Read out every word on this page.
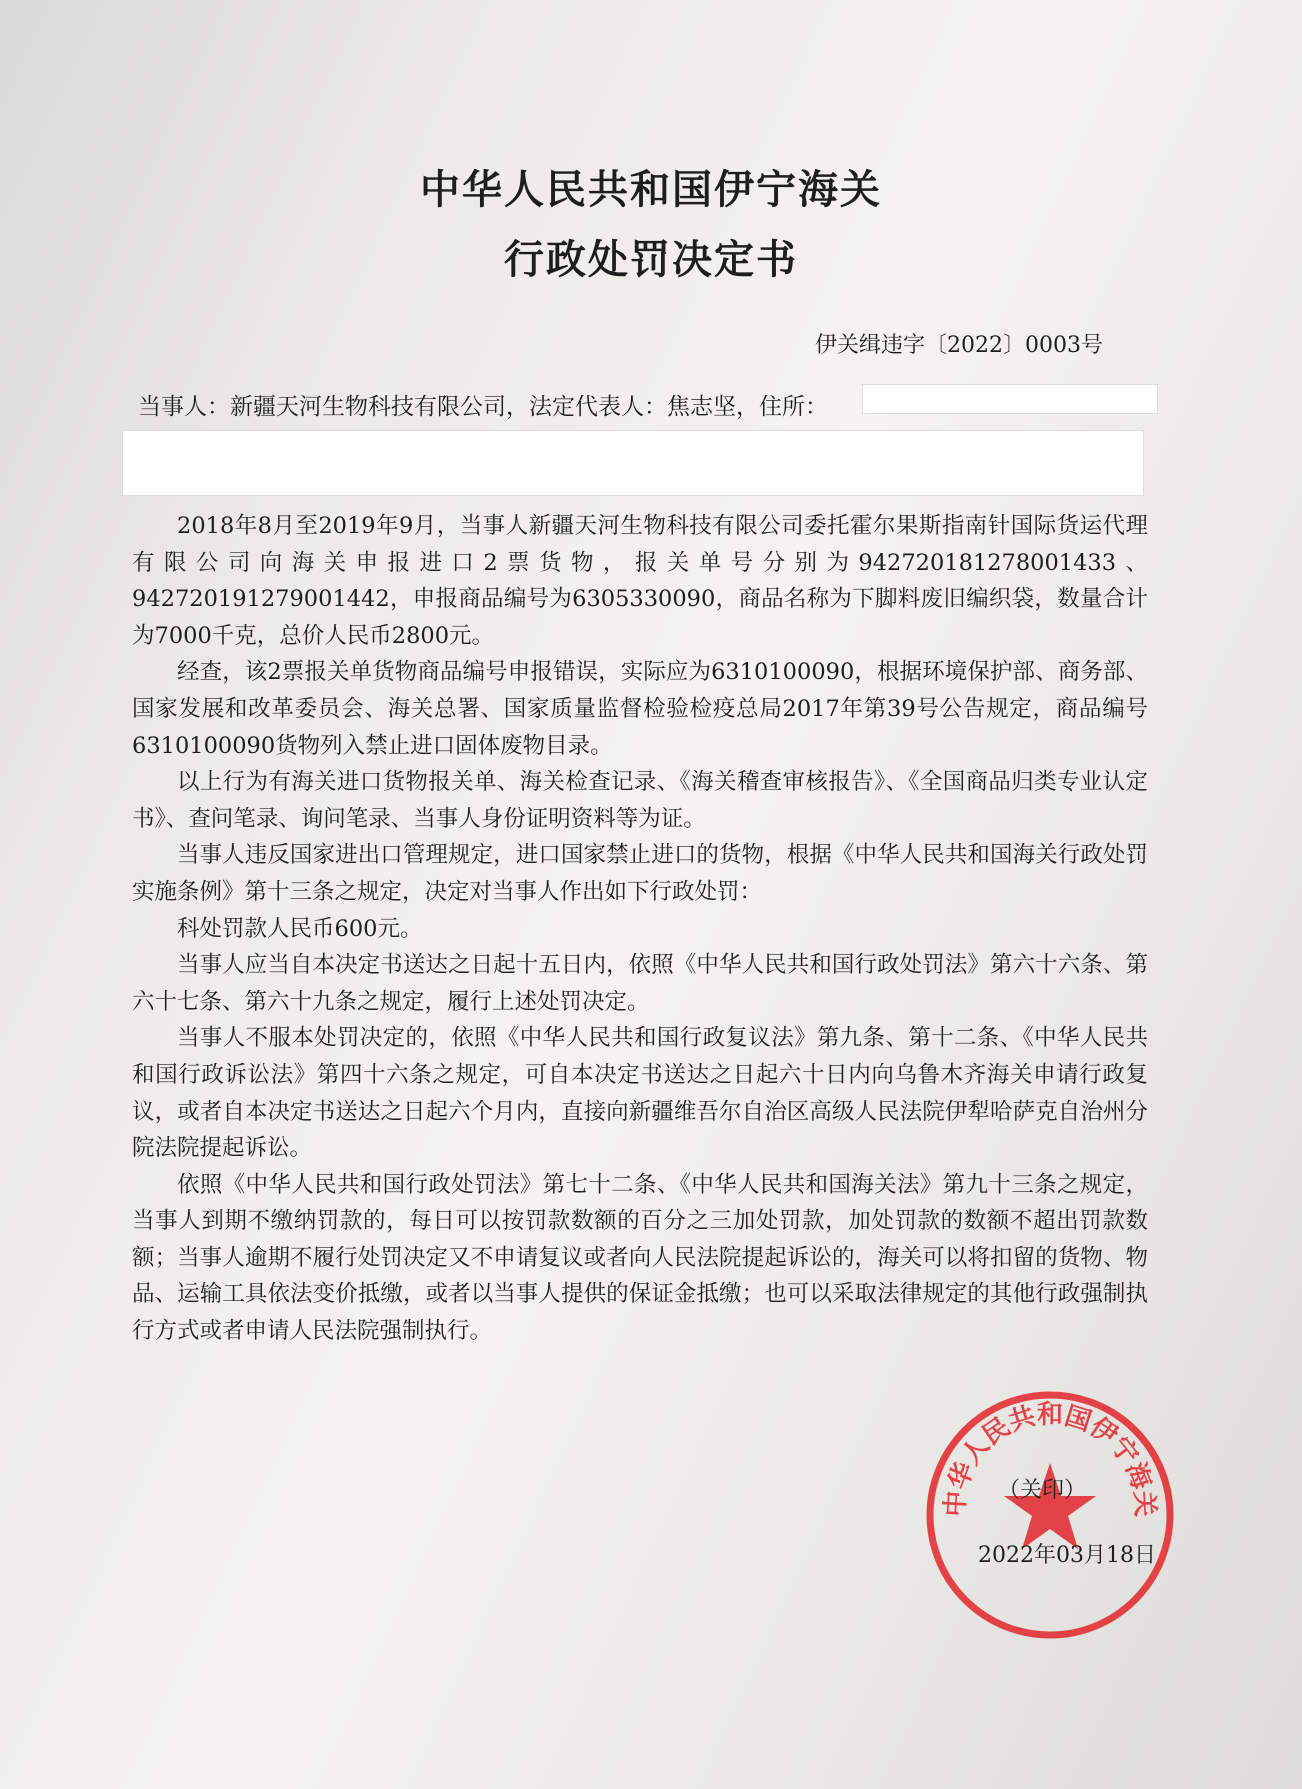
中华人民共和国伊宁海关
行政处罚决定书
伊关缉违字〔2022〕0003号
当事人：新疆天河生物科技有限公司，法定代表人：焦志坚，住所：

2018年8月至2019年9月，当事人新疆天河生物科技有限公司委托霍尔果斯指南针国际货运代理有限公司向海关申报进口2票货物，报关单号分别为942720181278001433、942720191279001442，申报商品编号为6305330090，商品名称为下脚料废旧编织袋，数量合计为7000千克，总价人民币2800元。

经查，该2票报关单货物商品编号申报错误，实际应为6310100090，根据环境保护部、商务部、国家发展和改革委员会、海关总署、国家质量监督检验检疫总局2017年第39号公告规定，商品编号6310100090货物列入禁止进口固体废物目录。

以上行为有海关进口货物报关单、海关检查记录、《海关稽查审核报告》、《全国商品归类专业认定书》、查问笔录、询问笔录、当事人身份证明资料等为证。

当事人违反国家进出口管理规定，进口国家禁止进口的货物，根据《中华人民共和国海关行政处罚实施条例》第十三条之规定，决定对当事人作出如下行政处罚：

科处罚款人民币600元。

当事人应当自本决定书送达之日起十五日内，依照《中华人民共和国行政处罚法》第六十六条、第六十七条、第六十九条之规定，履行上述处罚决定。

当事人不服本处罚决定的，依照《中华人民共和国行政复议法》第九条、第十二条、《中华人民共和国行政诉讼法》第四十六条之规定，可自本决定书送达之日起六十日内向乌鲁木齐海关申请行政复议，或者自本决定书送达之日起六个月内，直接向新疆维吾尔自治区高级人民法院伊犁哈萨克自治州分院法院提起诉讼。

依照《中华人民共和国行政处罚法》第七十二条、《中华人民共和国海关法》第九十三条之规定，当事人到期不缴纳罚款的，每日可以按罚款数额的百分之三加处罚款，加处罚款的数额不超出罚款数额；当事人逾期不履行处罚决定又不申请复议或者向人民法院提起诉讼的，海关可以将扣留的货物、物品、运输工具依法变价抵缴，或者以当事人提供的保证金抵缴；也可以采取法律规定的其他行政强制执行方式或者申请人民法院强制执行。

中华人民共和国伊宁海关
（关印）
2022年03月18日
